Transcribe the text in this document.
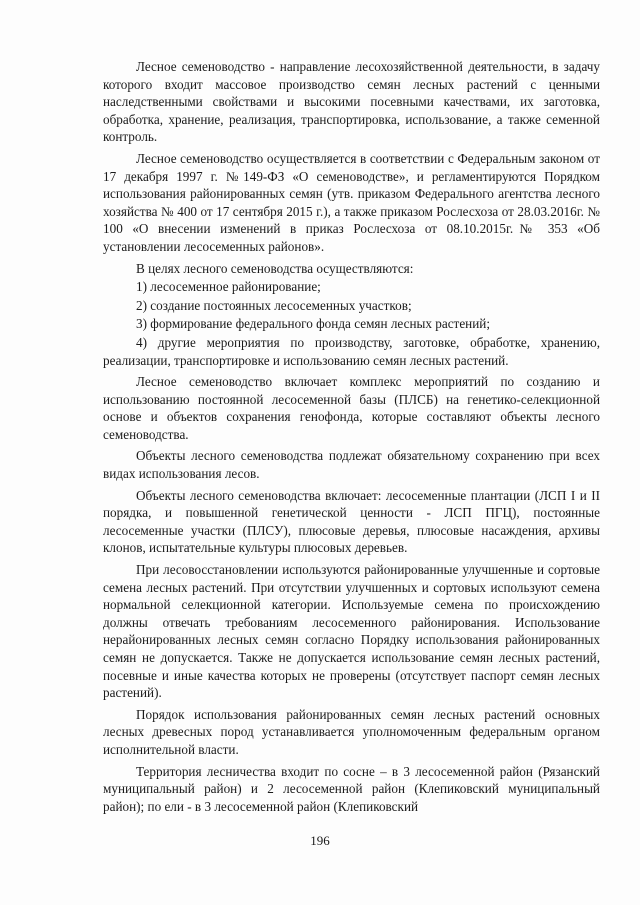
Лесное семеноводство - направление лесохозяйственной деятельности, в задачу которого входит массовое производство семян лесных растений с ценными наследственными свойствами и высокими посевными качествами, их заготовка, обработка, хранение, реализация, транспортировка, использование, а также семенной контроль.

Лесное семеноводство осуществляется в соответствии с Федеральным законом от 17 декабря 1997 г. №149-ФЗ «О семеноводстве», и регламентируются Порядком использования районированных семян (утв. приказом Федерального агентства лесного хозяйства № 400 от 17 сентября 2015 г.), а также приказом Рослесхоза от 28.03.2016г. № 100 «О внесении изменений в приказ Рослесхоза от 08.10.2015г.№ 353 «Об установлении лесосеменных районов».

В целях лесного семеноводства осуществляются:

1) лесосеменное районирование;

2) создание постоянных лесосеменных участков;

3) формирование федерального фонда семян лесных растений;

4) другие мероприятия по производству, заготовке, обработке, хранению, реализации, транспортировке и использованию семян лесных растений.

Лесное семеноводство включает комплекс мероприятий по созданию и использованию постоянной лесосеменной базы (ПЛСБ) на генетико-селекционной основе и объектов сохранения генофонда, которые составляют объекты лесного семеноводства.

Объекты лесного семеноводства подлежат обязательному сохранению при всех видах использования лесов.

Объекты лесного семеноводства включает: лесосеменные плантации (ЛСП I и II порядка, и повышенной генетической ценности - ЛСП ПГЦ), постоянные лесосеменные участки (ПЛСУ), плюсовые деревья, плюсовые насаждения, архивы клонов, испытательные культуры плюсовых деревьев.

При лесовосстановлении используются районированные улучшенные и сортовые семена лесных растений. При отсутствии улучшенных и сортовых используют семена нормальной селекционной категории. Используемые семена по происхождению должны отвечать требованиям лесосеменного районирования. Использование нерайонированных лесных семян согласно Порядку использования районированных семян не допускается. Также не допускается использование семян лесных растений, посевные и иные качества которых не проверены (отсутствует паспорт семян лесных растений).

Порядок использования районированных семян лесных растений основных лесных древесных пород устанавливается уполномоченным федеральным органом исполнительной власти.

Территория лесничества входит по сосне – в 3 лесосеменной район (Рязанский муниципальный район) и 2 лесосеменной район (Клепиковский муниципальный район); по ели - в 3 лесосеменной район (Клепиковский

196
